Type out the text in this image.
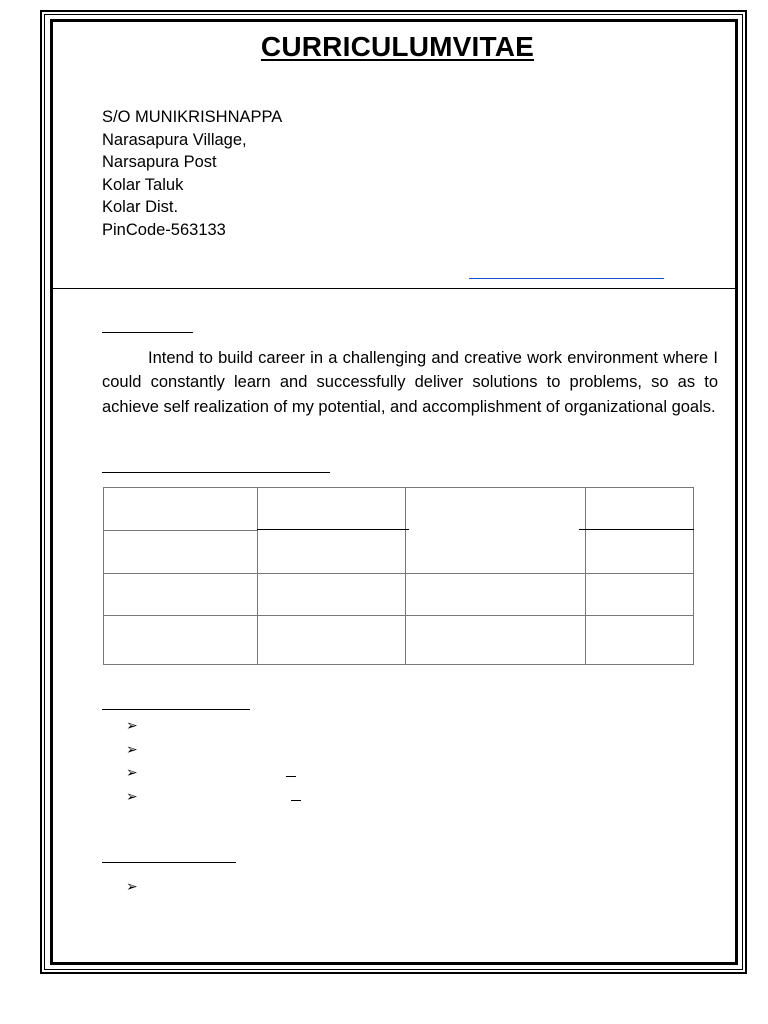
CURRICULUMVITAE
S/O MUNIKRISHNAPPA
Narasapura Village,
Narsapura Post
Kolar Taluk
Kolar Dist.
PinCode-563133

Intend to build career in a challenging and creative work environment where I could constantly learn and successfully deliver solutions to problems, so as to achieve self realization of my potential, and accomplishment of organizational goals.

➢
➢
➢
➢
➢
